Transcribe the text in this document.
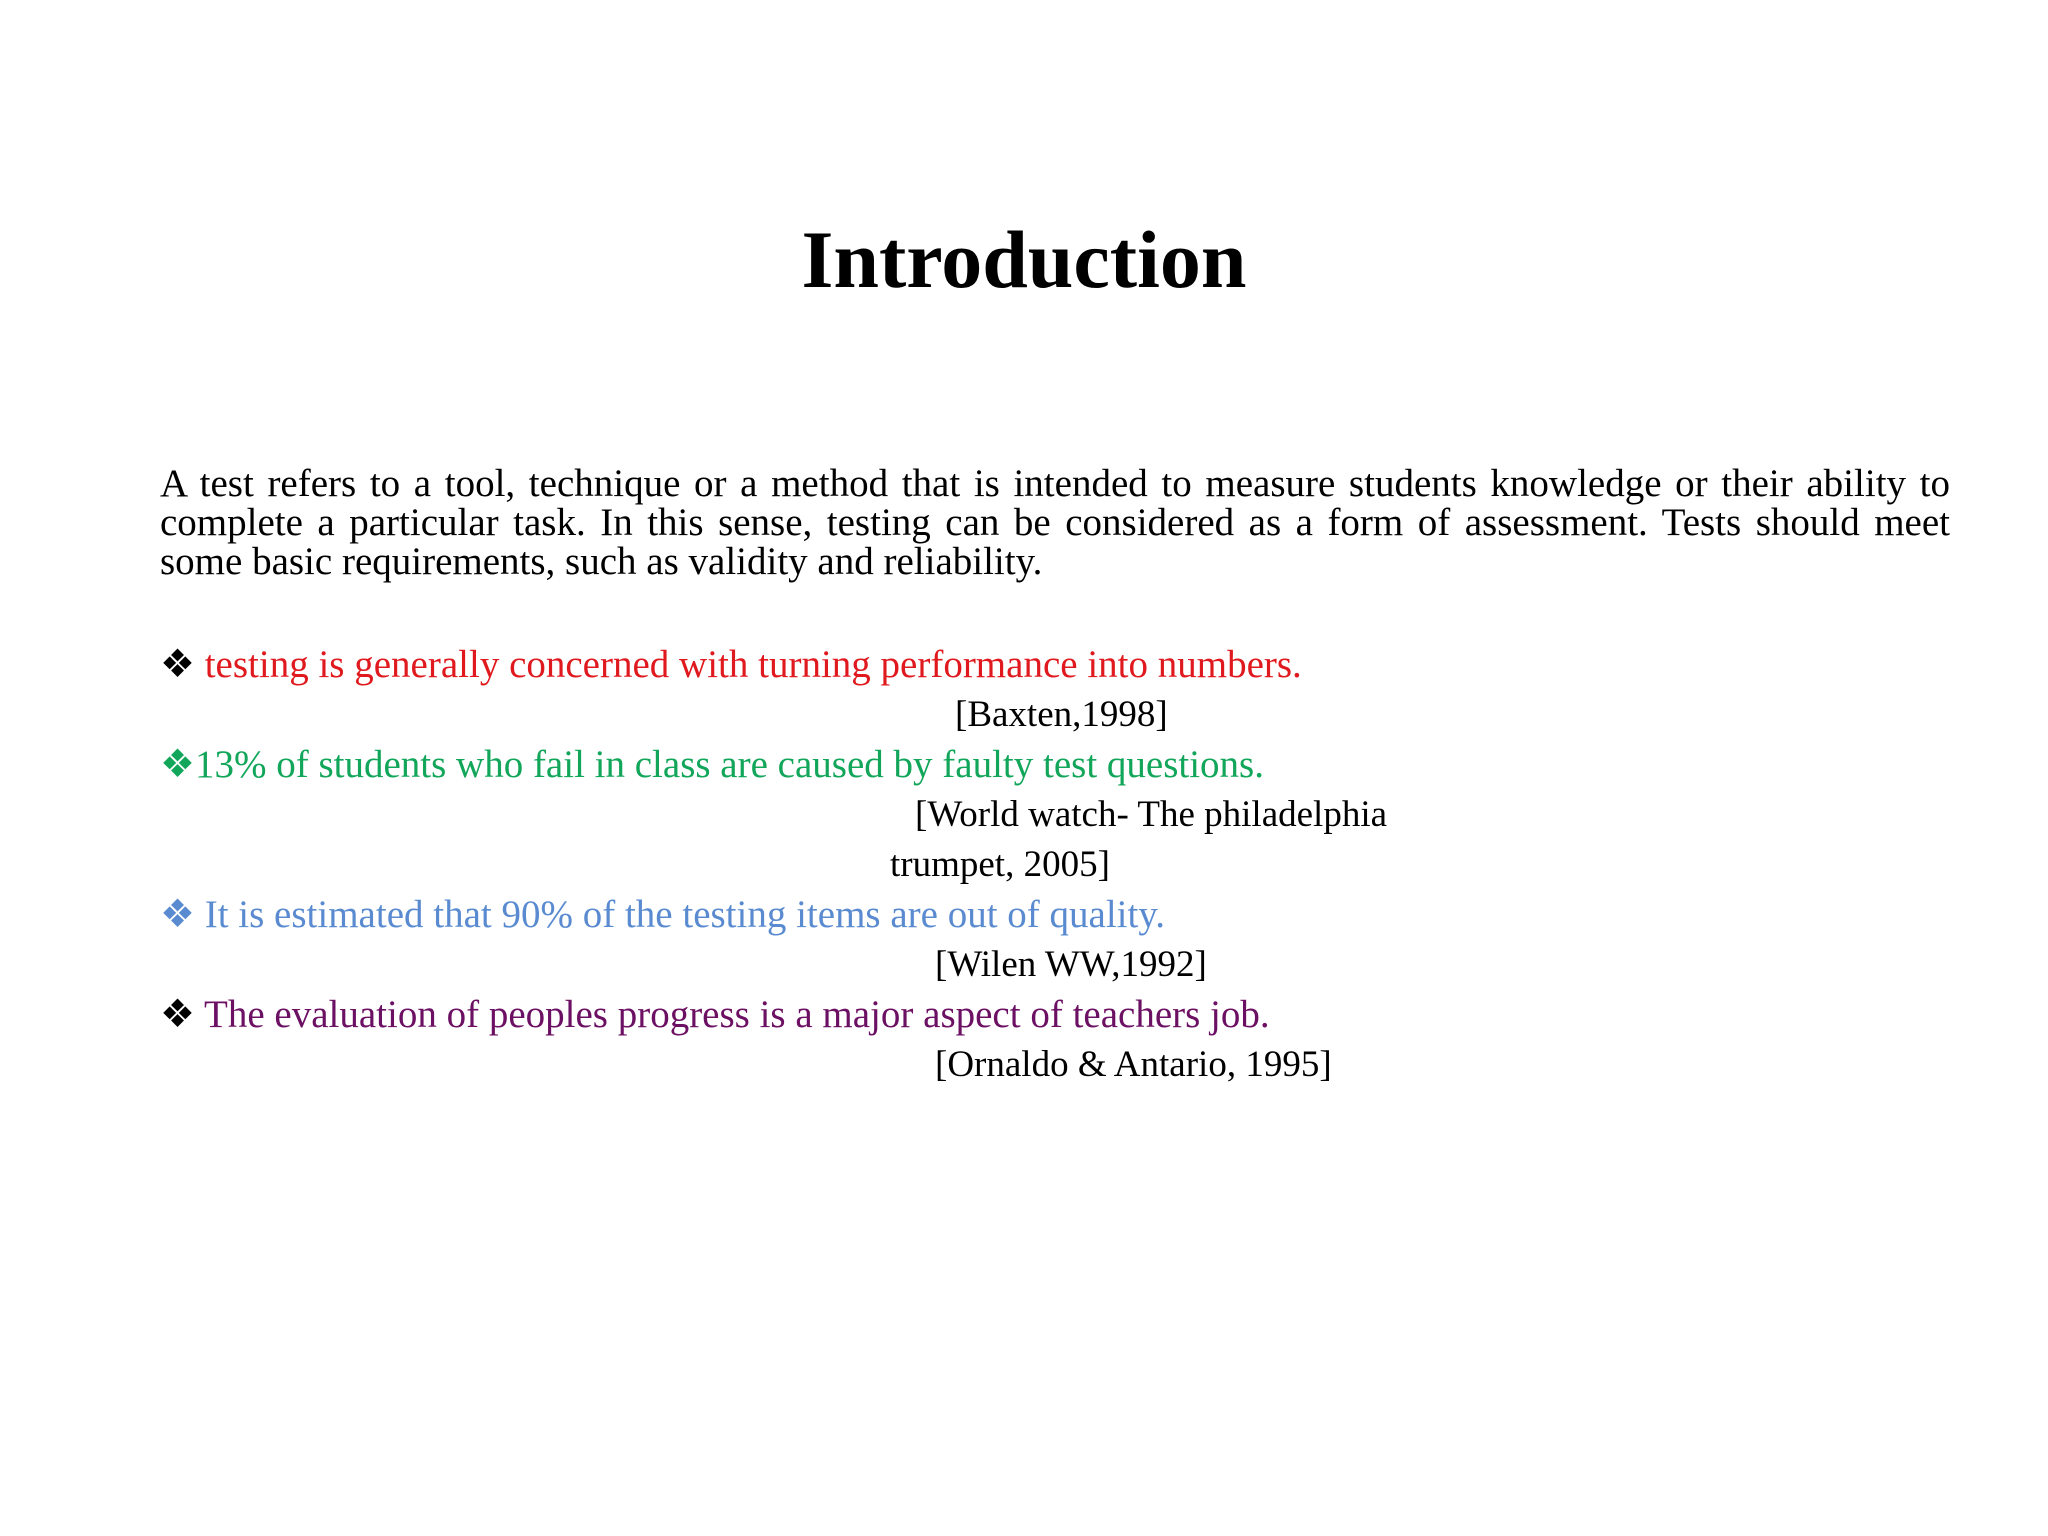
Introduction

A test refers to a tool, technique or a method that is intended to measure students knowledge or their ability to complete a particular task. In this sense, testing can be considered as a form of assessment. Tests should meet some basic requirements, such as validity and reliability.

❖ testing is generally concerned with turning performance into numbers.

[Baxten,1998]

❖13% of students who fail in class are caused by faulty test questions.

[World watch- The philadelphia

trumpet, 2005]

❖ It is estimated that 90% of the testing items are out of quality.

[Wilen WW,1992]

❖ The evaluation of peoples progress is a major aspect of teachers job.

[Ornaldo & Antario, 1995]
